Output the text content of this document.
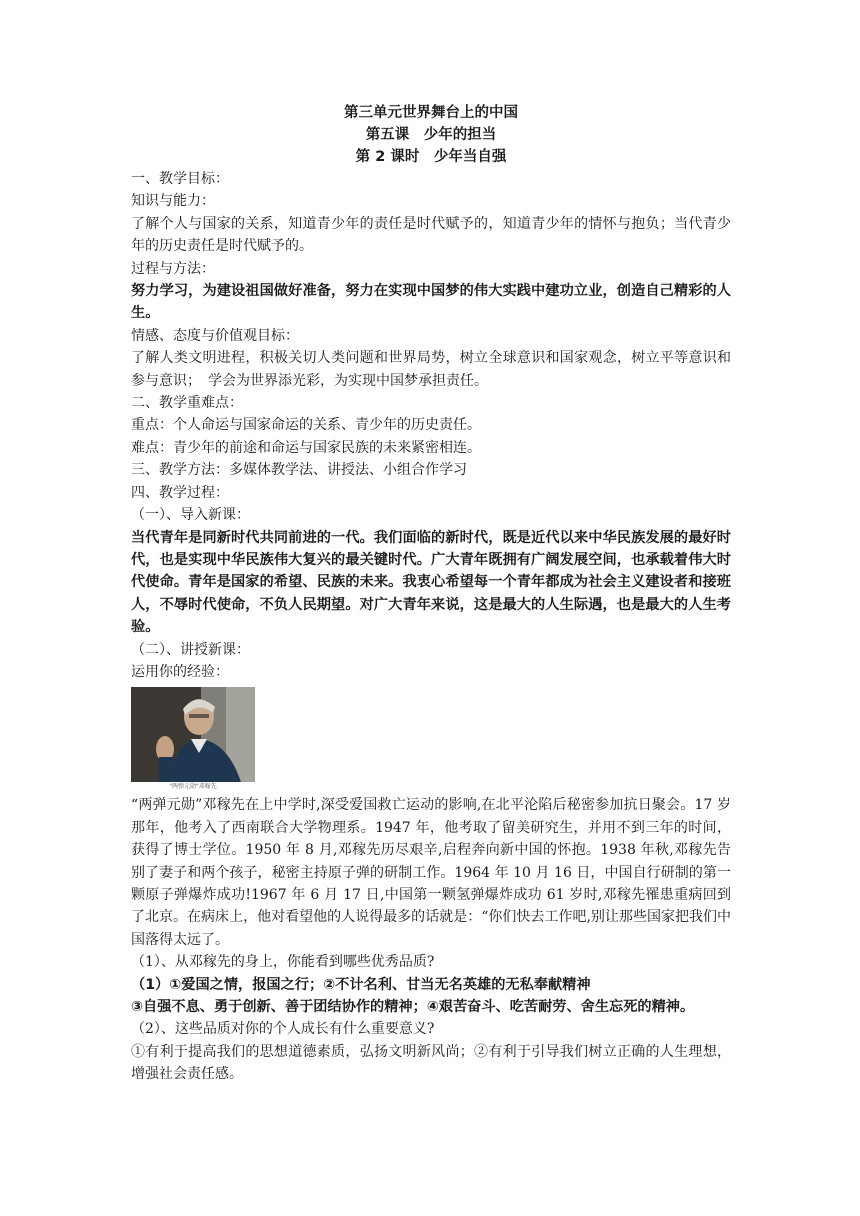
第三单元世界舞台上的中国
第五课　少年的担当
第 2 课时　少年当自强
一、教学目标：
知识与能力：
了解个人与国家的关系，知道青少年的责任是时代赋予的，知道青少年的情怀与抱负；当代青少年的历史责任是时代赋予的。
过程与方法：
努力学习，为建设祖国做好准备，努力在实现中国梦的伟大实践中建功立业，创造自己精彩的人生。
情感、态度与价值观目标：
了解人类文明进程，积极关切人类问题和世界局势，树立全球意识和国家观念，树立平等意识和参与意识；　学会为世界添光彩，为实现中国梦承担责任。
二、教学重难点：
重点：个人命运与国家命运的关系、青少年的历史责任。
难点：青少年的前途和命运与国家民族的未来紧密相连。
三、教学方法：多媒体教学法、讲授法、小组合作学习
四、教学过程：
（一）、导入新课：
当代青年是同新时代共同前进的一代。我们面临的新时代，既是近代以来中华民族发展的最好时代，也是实现中华民族伟大复兴的最关键时代。广大青年既拥有广阔发展空间，也承载着伟大时代使命。青年是国家的希望、民族的未来。我衷心希望每一个青年都成为社会主义建设者和接班人，不辱时代使命，不负人民期望。对广大青年来说，这是最大的人生际遇，也是最大的人生考验。
（二）、讲授新课：
运用你的经验：
"两弹元勋"邓稼先
“两弹元勋”邓稼先在上中学时,深受爱国救亡运动的影响,在北平沦陷后秘密参加抗日聚会。17 岁那年，他考入了西南联合大学物理系。1947 年，他考取了留美研究生，并用不到三年的时间，获得了博士学位。1950 年 8 月,邓稼先历尽艰辛,启程奔向新中国的怀抱。1938 年秋,邓稼先告别了妻子和两个孩子，秘密主持原子弹的研制工作。1964 年 10 月 16 日，中国自行研制的第一颗原子弹爆炸成功!1967 年 6 月 17 日,中国第一颗氢弹爆炸成功 61 岁时,邓稼先罹患重病回到了北京。在病床上，他对看望他的人说得最多的话就是：“你们快去工作吧,别让那些国家把我们中国落得太远了。
（1）、从邓稼先的身上，你能看到哪些优秀品质?
（1）①爱国之情，报国之行；②不计名利、甘当无名英雄的无私奉献精神
③自强不息、勇于创新、善于团结协作的精神；④艰苦奋斗、吃苦耐劳、舍生忘死的精神。
（2）、这些品质对你的个人成长有什么重要意义?
①有利于提高我们的思想道德素质，弘扬文明新风尚；②有利于引导我们树立正确的人生理想，增强社会责任感。
